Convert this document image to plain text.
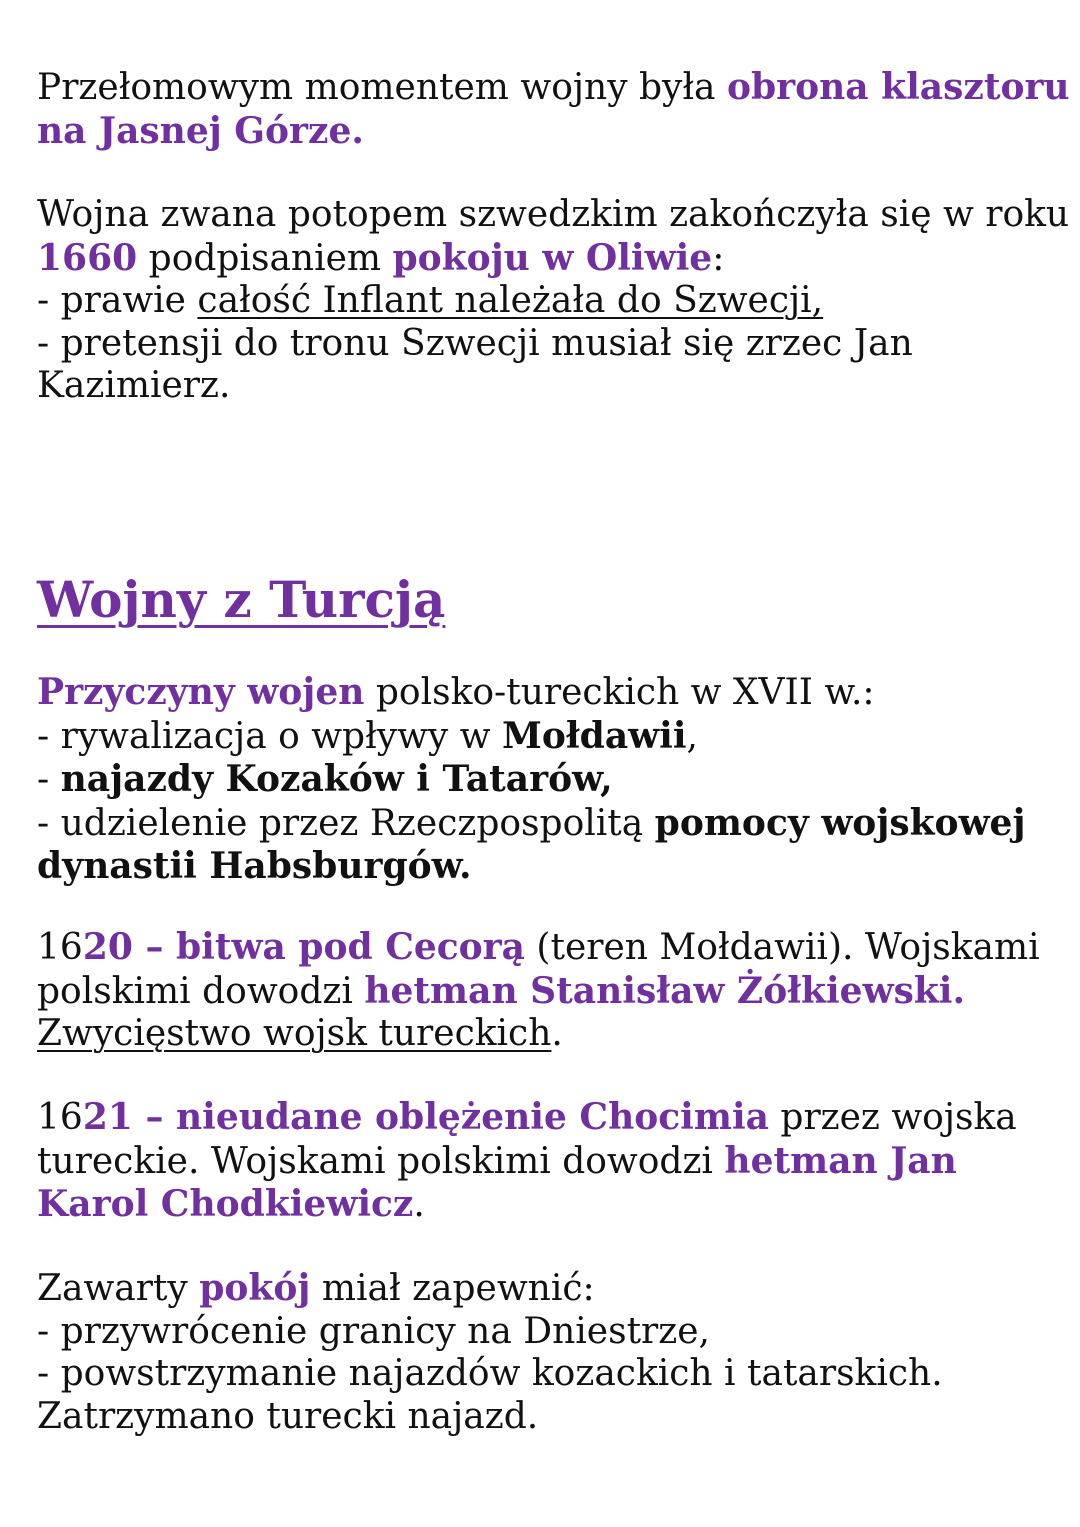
Przełomowym momentem wojny była obrona klasztoru
na Jasnej Górze.

Wojna zwana potopem szwedzkim zakończyła się w roku
1660 podpisaniem pokoju w Oliwie:
- prawie całość Inflant należała do Szwecji,
- pretensji do tronu Szwecji musiał się zrzec Jan
Kazimierz.

Wojny z Turcją

Przyczyny wojen polsko-tureckich w XVII w.:
- rywalizacja o wpływy w Mołdawii,
- najazdy Kozaków i Tatarów,
- udzielenie przez Rzeczpospolitą pomocy wojskowej
dynastii Habsburgów.

1620 – bitwa pod Cecorą (teren Mołdawii). Wojskami
polskimi dowodzi hetman Stanisław Żółkiewski.
Zwycięstwo wojsk tureckich.

1621 – nieudane oblężenie Chocimia przez wojska
tureckie. Wojskami polskimi dowodzi hetman Jan
Karol Chodkiewicz.

Zawarty pokój miał zapewnić:
- przywrócenie granicy na Dniestrze,
- powstrzymanie najazdów kozackich i tatarskich.
Zatrzymano turecki najazd.
